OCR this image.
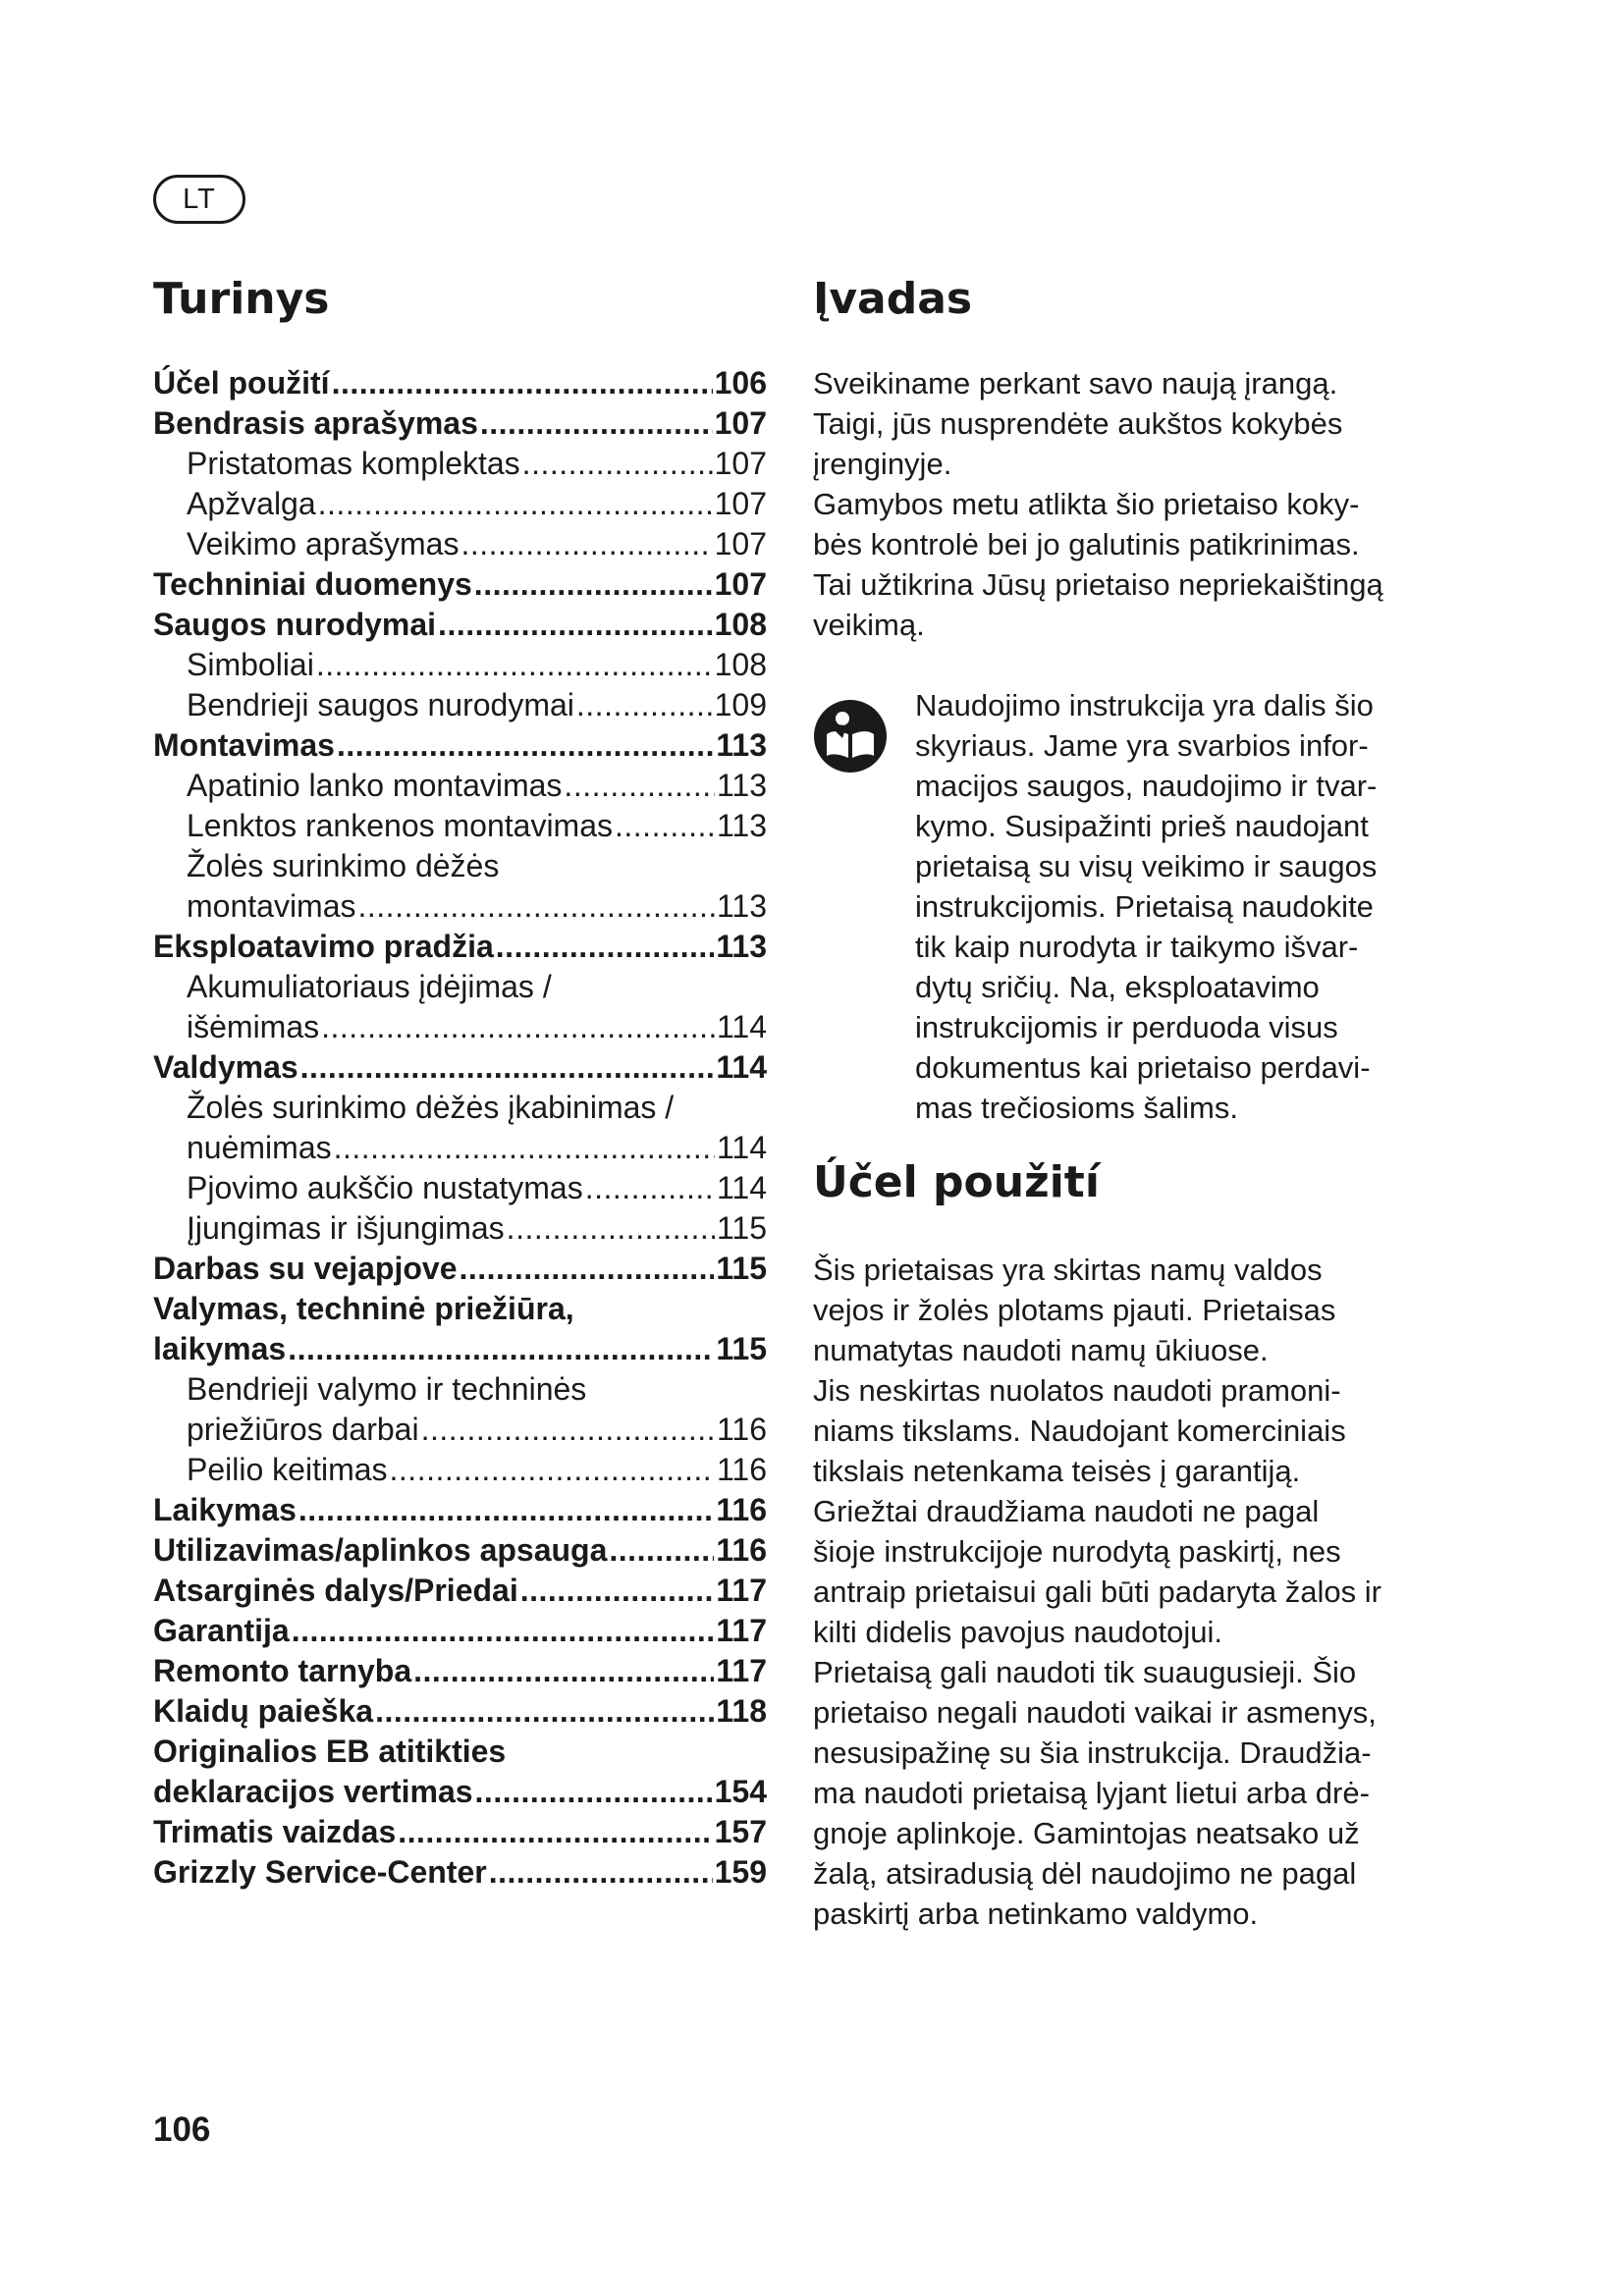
LT
Turinys
Účel použití .....	106
Bendrasis aprašymas .....	107
Pristatomas komplektas .....	107
Apžvalga .....	107
Veikimo aprašymas .....	107
Techniniai duomenys .....	107
Saugos nurodymai .....	108
Simboliai .....	108
Bendrieji saugos nurodymai .....	109
Montavimas .....	113
Apatinio lanko montavimas .....	113
Lenktos rankenos montavimas .....	113
Žolės surinkimo dėžės
montavimas .....	113
Eksploatavimo pradžia .....	113
Akumuliatoriaus įdėjimas /
išėmimas .....	114
Valdymas .....	114
Žolės surinkimo dėžės įkabinimas /
nuėmimas .....	114
Pjovimo aukščio nustatymas .....	114
Įjungimas ir išjungimas .....	115
Darbas su vejapjove .....	115
Valymas, techninė priežiūra,
laikymas .....	115
Bendrieji valymo ir techninės
priežiūros darbai .....	116
Peilio keitimas .....	116
Laikymas .....	116
Utilizavimas/aplinkos apsauga .....	116
Atsarginės dalys/Priedai .....	117
Garantija .....	117
Remonto tarnyba .....	117
Klaidų paieška .....	118
Originalios EB atitikties
deklaracijos vertimas .....	154
Trimatis vaizdas .....	157
Grizzly Service-Center .....	159
Įvadas

Sveikiname perkant savo naują įrangą.
Taigi, jūs nusprendėte aukštos kokybės
įrenginyje.
Gamybos metu atlikta šio prietaiso koky-
bės kontrolė bei jo galutinis patikrinimas.
Tai užtikrina Jūsų prietaiso nepriekaištingą
veikimą.

Naudojimo instrukcija yra dalis šio
skyriaus. Jame yra svarbios infor-
macijos saugos, naudojimo ir tvar-
kymo. Susipažinti prieš naudojant
prietaisą su visų veikimo ir saugos
instrukcijomis. Prietaisą naudokite
tik kaip nurodyta ir taikymo išvar-
dytų sričių. Na, eksploatavimo
instrukcijomis ir perduoda visus
dokumentus kai prietaiso perdavi-
mas trečiosioms šalims.

Účel použití

Šis prietaisas yra skirtas namų valdos
vejos ir žolės plotams pjauti. Prietaisas
numatytas naudoti namų ūkiuose.
Jis neskirtas nuolatos naudoti pramoni-
niams tikslams. Naudojant komerciniais
tikslais netenkama teisės į garantiją.
Griežtai draudžiama naudoti ne pagal
šioje instrukcijoje nurodytą paskirtį, nes
antraip prietaisui gali būti padaryta žalos ir
kilti didelis pavojus naudotojui.
Prietaisą gali naudoti tik suaugusieji. Šio
prietaiso negali naudoti vaikai ir asmenys,
nesusipažinę su šia instrukcija. Draudžia-
ma naudoti prietaisą lyjant lietui arba drė-
gnoje aplinkoje. Gamintojas neatsako už
žalą, atsiradusią dėl naudojimo ne pagal
paskirtį arba netinkamo valdymo.

106
